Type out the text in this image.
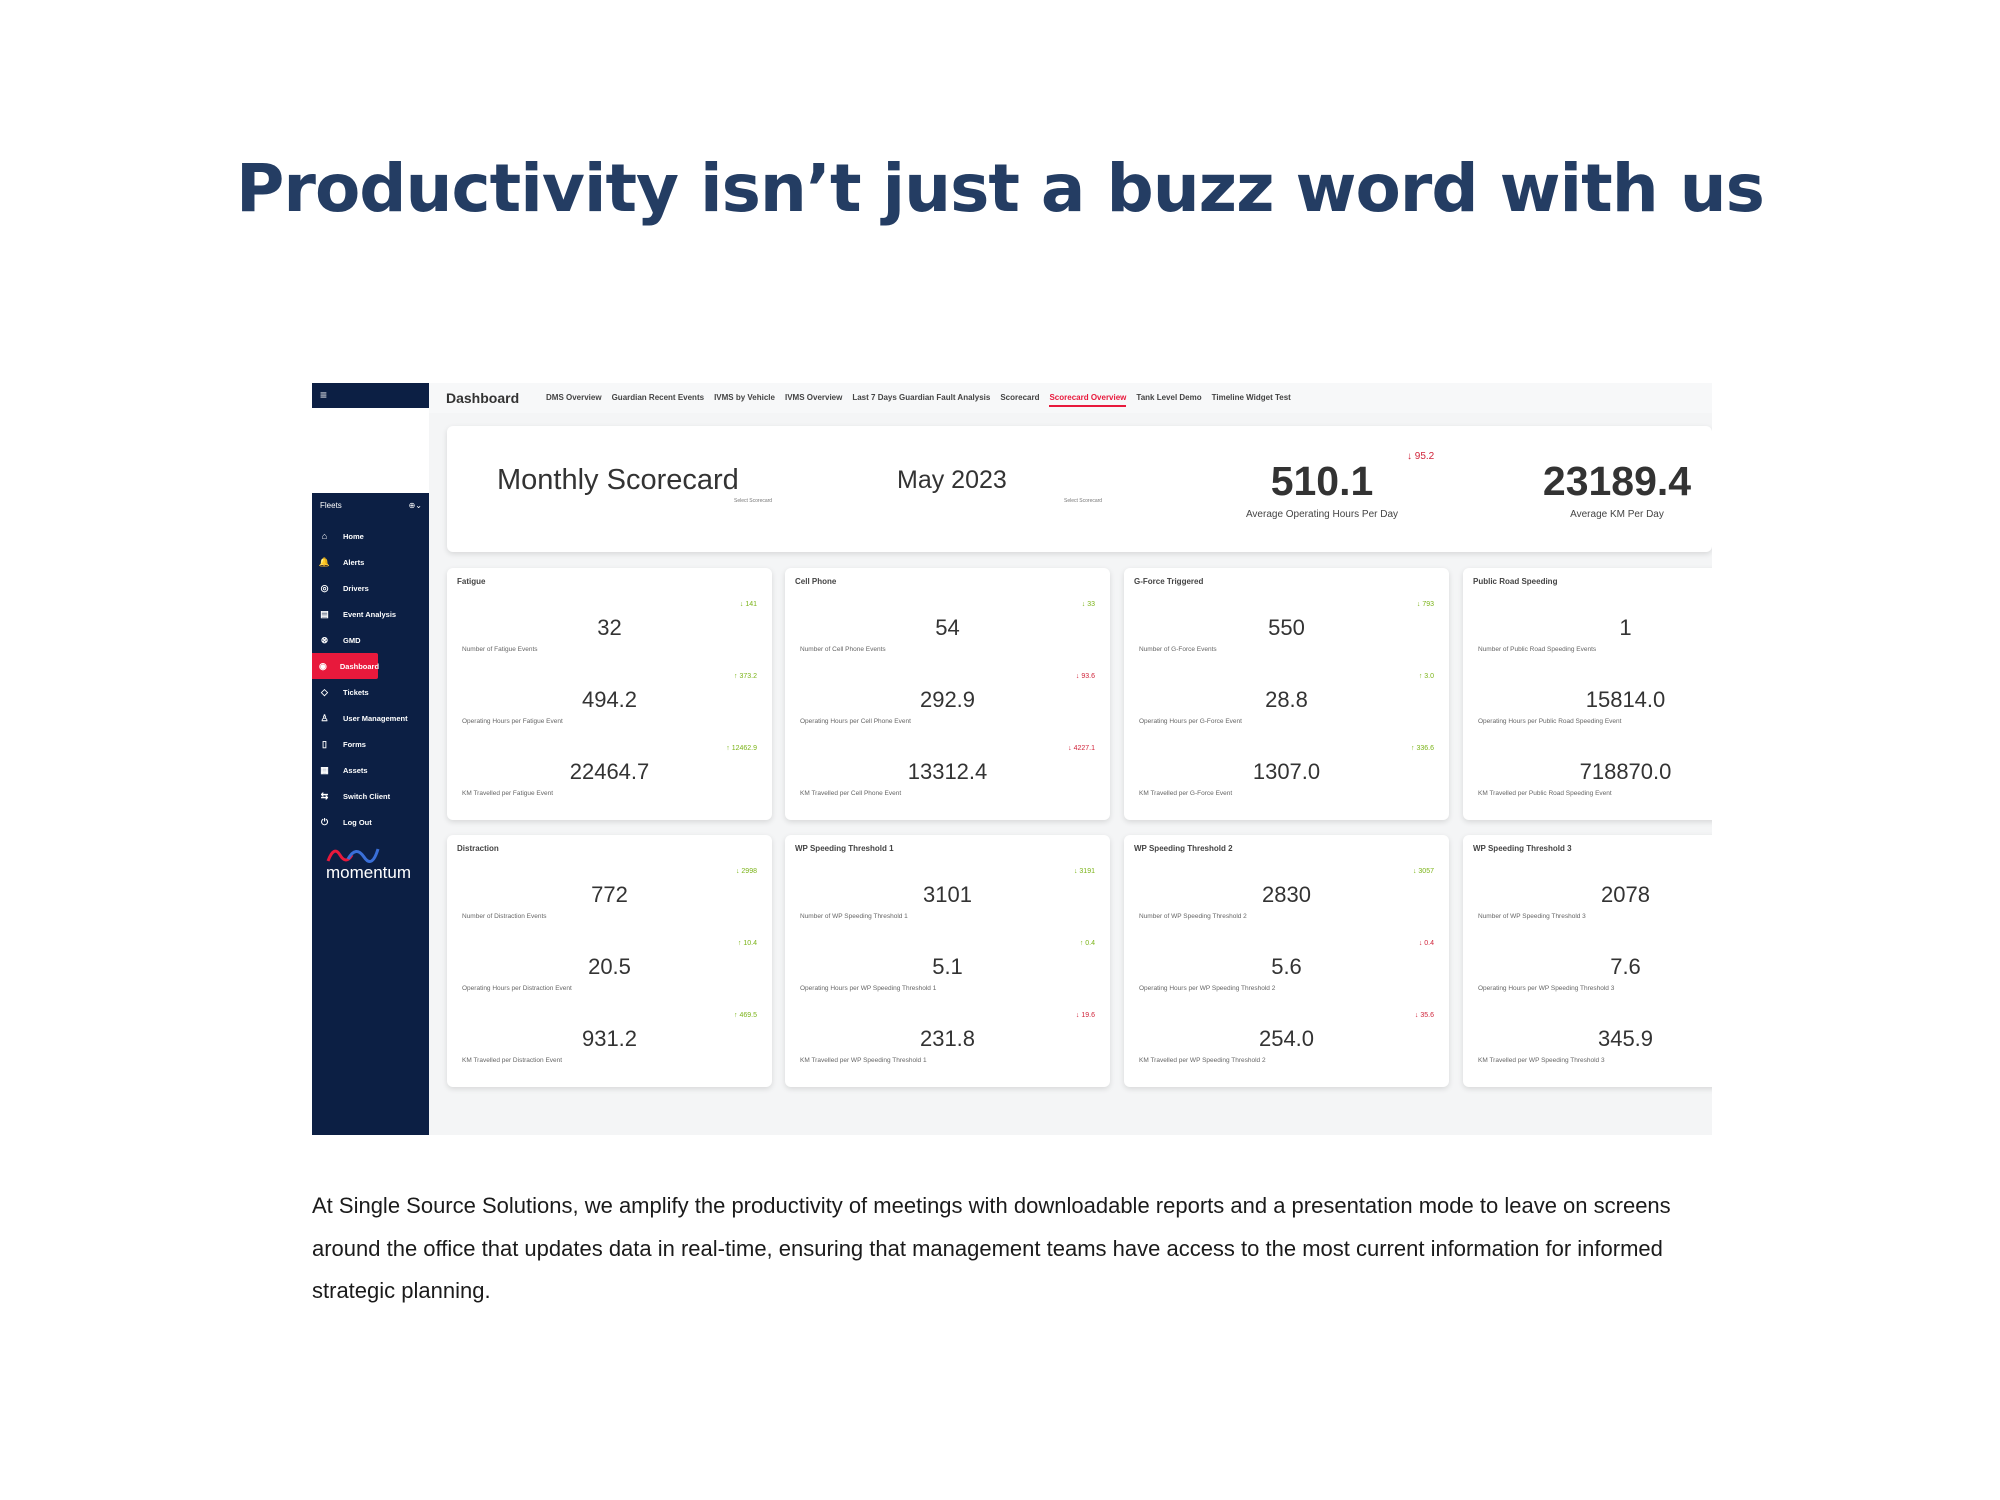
Productivity isn’t just a buzz word with us
≡
Fleets	⊕⌄
⌂	Home
🔔 Alerts
◎ Drivers
▤ Event Analysis
⊗ GMD
◉ Dashboard
◇ Tickets
♙ User Management
▯	Forms
▦ Assets
⇆ Switch Client
⏻ Log Out
momentum
Dashboard	DMS Overview Guardian Recent Events IVMS by Vehicle IVMS Overview Last 7 Days Guardian Fault Analysis Scorecard Scorecard Overview Tank Level Demo Timeline Widget Test
Monthly Scorecard
Select Scorecard
May 2023
Select Scorecard	510.1
Average Operating Hours Per Day
↓ 95.2
23189.4
Average KM Per Day
Fatigue
32
Number of Fatigue Events
↓ 141
494.2
Operating Hours per Fatigue Event
↑ 373.2
22464.7
KM Travelled per Fatigue Event
↑ 12462.9
Cell Phone
54
Number of Cell Phone Events
↓ 33
292.9
Operating Hours per Cell Phone Event
↓ 93.6
13312.4
KM Travelled per Cell Phone Event
↓ 4227.1
G-Force Triggered
550
Number of G-Force Events
↓ 793
28.8
Operating Hours per G-Force Event
↑ 3.0
1307.0
KM Travelled per G-Force Event
↑ 336.6
Public Road Speeding
1
Number of Public Road Speeding Events
15814.0
Operating Hours per Public Road Speeding Event
718870.0
KM Travelled per Public Road Speeding Event
Distraction
772
Number of Distraction Events
↓ 2998
20.5
Operating Hours per Distraction Event
↑ 10.4
931.2
KM Travelled per Distraction Event
↑ 469.5
WP Speeding Threshold 1
3101
Number of WP Speeding Threshold 1
↓ 3191
5.1
Operating Hours per WP Speeding Threshold 1
↑ 0.4
231.8
KM Travelled per WP Speeding Threshold 1
↓ 19.6
WP Speeding Threshold 2
2830
Number of WP Speeding Threshold 2
↓ 3057
5.6
Operating Hours per WP Speeding Threshold 2
↓ 0.4
254.0
KM Travelled per WP Speeding Threshold 2
↓ 35.6
WP Speeding Threshold 3
2078
Number of WP Speeding Threshold 3
7.6
Operating Hours per WP Speeding Threshold 3
345.9
KM Travelled per WP Speeding Threshold 3

At Single Source Solutions, we amplify the productivity of meetings with downloadable reports and a presentation mode to leave on screens around the office that updates data in real-time, ensuring that management teams have access to the most current information for informed strategic planning.
